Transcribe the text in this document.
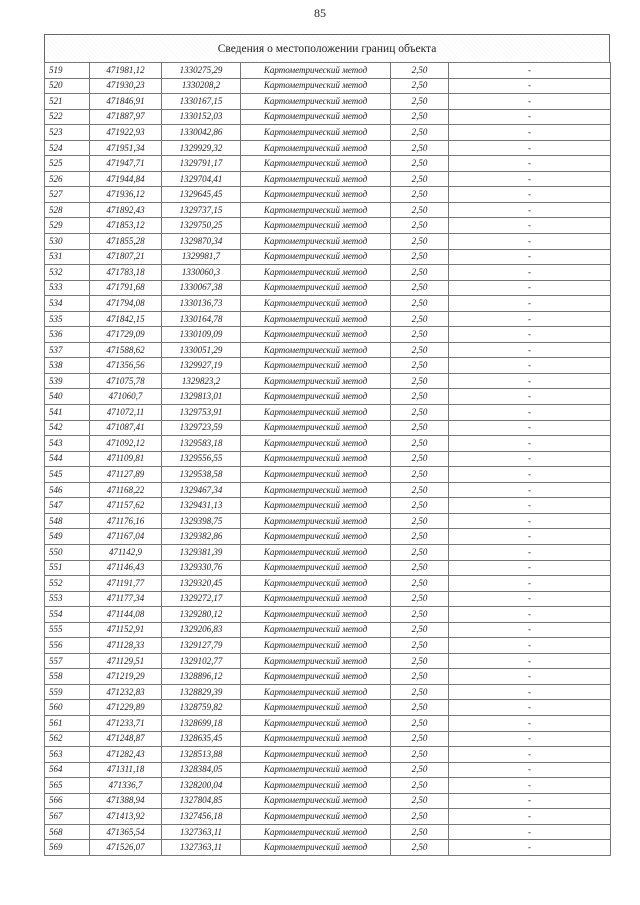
85
Сведения о местоположении границ объекта
519	471981,12	1330275,29	Картометрический метод	2,50	-
520	471930,23	1330208,2	Картометрический метод	2,50	-
521	471846,91	1330167,15	Картометрический метод	2,50	-
522	471887,97	1330152,03	Картометрический метод	2,50	-
523	471922,93	1330042,86	Картометрический метод	2,50	-
524	471951,34	1329929,32	Картометрический метод	2,50	-
525	471947,71	1329791,17	Картометрический метод	2,50	-
526	471944,84	1329704,41	Картометрический метод	2,50	-
527	471936,12	1329645,45	Картометрический метод	2,50	-
528	471892,43	1329737,15	Картометрический метод	2,50	-
529	471853,12	1329750,25	Картометрический метод	2,50	-
530	471855,28	1329870,34	Картометрический метод	2,50	-
531	471807,21	1329981,7	Картометрический метод	2,50	-
532	471783,18	1330060,3	Картометрический метод	2,50	-
533	471791,68	1330067,38	Картометрический метод	2,50	-
534	471794,08	1330136,73	Картометрический метод	2,50	-
535	471842,15	1330164,78	Картометрический метод	2,50	-
536	471729,09	1330109,09	Картометрический метод	2,50	-
537	471588,62	1330051,29	Картометрический метод	2,50	-
538	471356,56	1329927,19	Картометрический метод	2,50	-
539	471075,78	1329823,2	Картометрический метод	2,50	-
540	471060,7	1329813,01	Картометрический метод	2,50	-
541	471072,11	1329753,91	Картометрический метод	2,50	-
542	471087,41	1329723,59	Картометрический метод	2,50	-
543	471092,12	1329583,18	Картометрический метод	2,50	-
544	471109,81	1329556,55	Картометрический метод	2,50	-
545	471127,89	1329538,58	Картометрический метод	2,50	-
546	471168,22	1329467,34	Картометрический метод	2,50	-
547	471157,62	1329431,13	Картометрический метод	2,50	-
548	471176,16	1329398,75	Картометрический метод	2,50	-
549	471167,04	1329382,86	Картометрический метод	2,50	-
550	471142,9	1329381,39	Картометрический метод	2,50	-
551	471146,43	1329330,76	Картометрический метод	2,50	-
552	471191,77	1329320,45	Картометрический метод	2,50	-
553	471177,34	1329272,17	Картометрический метод	2,50	-
554	471144,08	1329280,12	Картометрический метод	2,50	-
555	471152,91	1329206,83	Картометрический метод	2,50	-
556	471128,33	1329127,79	Картометрический метод	2,50	-
557	471129,51	1329102,77	Картометрический метод	2,50	-
558	471219,29	1328896,12	Картометрический метод	2,50	-
559	471232,83	1328829,39	Картометрический метод	2,50	-
560	471229,89	1328759,82	Картометрический метод	2,50	-
561	471233,71	1328699,18	Картометрический метод	2,50	-
562	471248,87	1328635,45	Картометрический метод	2,50	-
563	471282,43	1328513,88	Картометрический метод	2,50	-
564	471311,18	1328384,05	Картометрический метод	2,50	-
565	471336,7	1328200,04	Картометрический метод	2,50	-
566	471388,94	1327804,85	Картометрический метод	2,50	-
567	471413,92	1327456,18	Картометрический метод	2,50	-
568	471365,54	1327363,11	Картометрический метод	2,50	-
569	471526,07	1327363,11	Картометрический метод	2,50	-
